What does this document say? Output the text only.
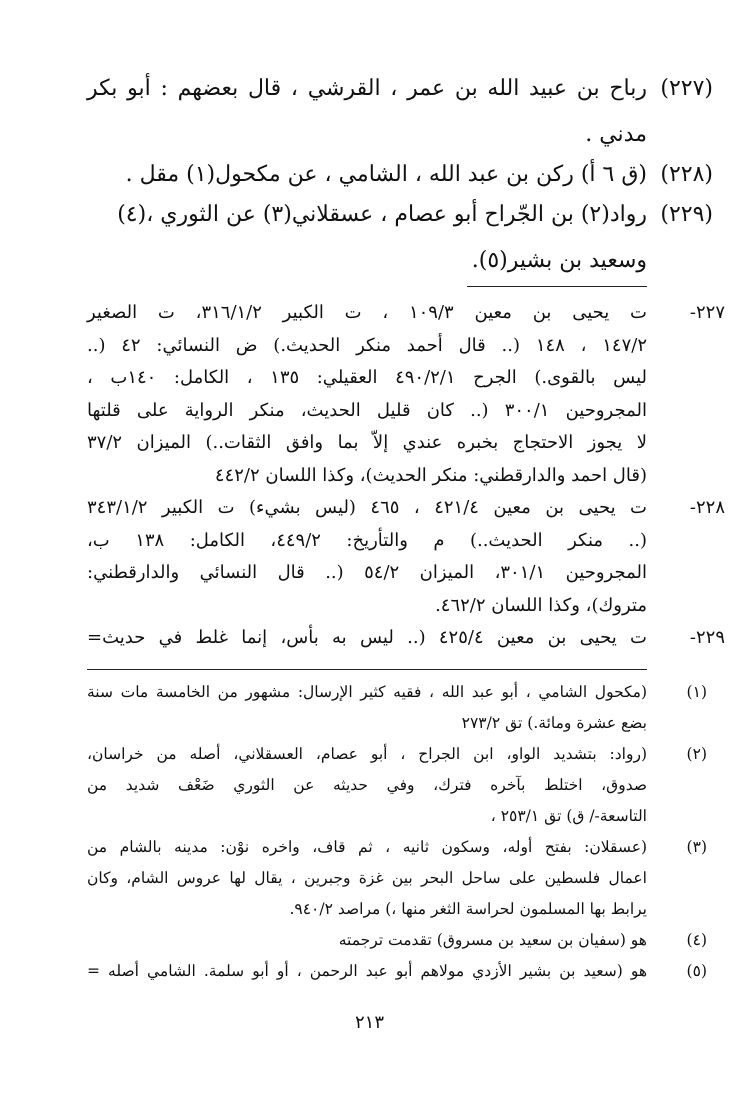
(٢٢٧)
رباح بن عبيد الله بن عمر ، القرشي ، قال بعضهم : أبو بكر
مدني .
(٢٢٨)
(ق ٦ أ) ركن بن عبد الله ، الشامي ، عن مكحول(١) مقل .
(٢٢٩)
رواد(٢) بن الجّراح أبو عصام ، عسقلاني(٣) عن الثوري ،(٤)
وسعيد بن بشير(٥).
٢٢٧-
ت يحيى بن معين ١٠٩/٣ ، ت الكبير ٣١٦/١/٢، ت الصغير
١٤٧/٢ ، ١٤٨ (.. قال أحمد منكر الحديث.) ض النسائي: ٤٢ (..
ليس بالقوى.) الجرح ٤٩٠/٢/١ العقيلي: ١٣٥ ، الكامل: ١٤٠ب ،
المجروحين ٣٠٠/١ (.. كان قليل الحديث، منكر الرواية على قلتها
لا يجوز الاحتجاج بخبره عندي إلاّ بما وافق الثقات..) الميزان ٣٧/٢
(قال احمد والدارقطني: منكر الحديث)، وكذا اللسان ٤٤٢/٢
٢٢٨-
ت يحيى بن معين ٤٢١/٤ ، ٤٦٥ (ليس بشيء) ت الكبير ٣٤٣/١/٢
(.. منكر الحديث..) م والتأريخ: ٤٤٩/٢، الكامل: ١٣٨ ب،
المجروحين ٣٠١/١، الميزان ٥٤/٢ (.. قال النسائي والدارقطني:
متروك)، وكذا اللسان ٤٦٢/٢.
٢٢٩-
ت يحيى بن معين ٤٢٥/٤ (.. ليس به بأس، إنما غلط في حديث=
(١)
(مكحول الشامي ، أبو عبد الله ، فقيه كثير الإرسال: مشهور من الخامسة مات سنة
بضع عشرة ومائة.) تق ٢٧٣/٢
(٢)
(رواد: بتشديد الواو، ابن الجراح ، أبو عصام، العسقلاني، أصله من خراسان،
صدوق، اختلط بآخره فترك، وفي حديثه عن الثوري ضَعْف شديد من
التاسعة-/ ق) تق ٢٥٣/١ ،
(٣)
(عسقلان: بفتح أوله، وسكون ثانيه ، ثم قاف، واخره نوْن: مدينه بالشام من
اعمال فلسطين على ساحل البحر بين غزة وجبرين ، يقال لها عروس الشام، وكان
يرابط بها المسلمون لحراسة الثغر منها ،) مراصد ٩٤٠/٢.
(٤)
هو (سفيان بن سعيد بن مسروق) تقدمت ترجمته
(٥)
هو (سعيد بن بشير الأزدي مولاهم أبو عبد الرحمن ، أو أبو سلمة. الشامي أصله =
٢١٣
